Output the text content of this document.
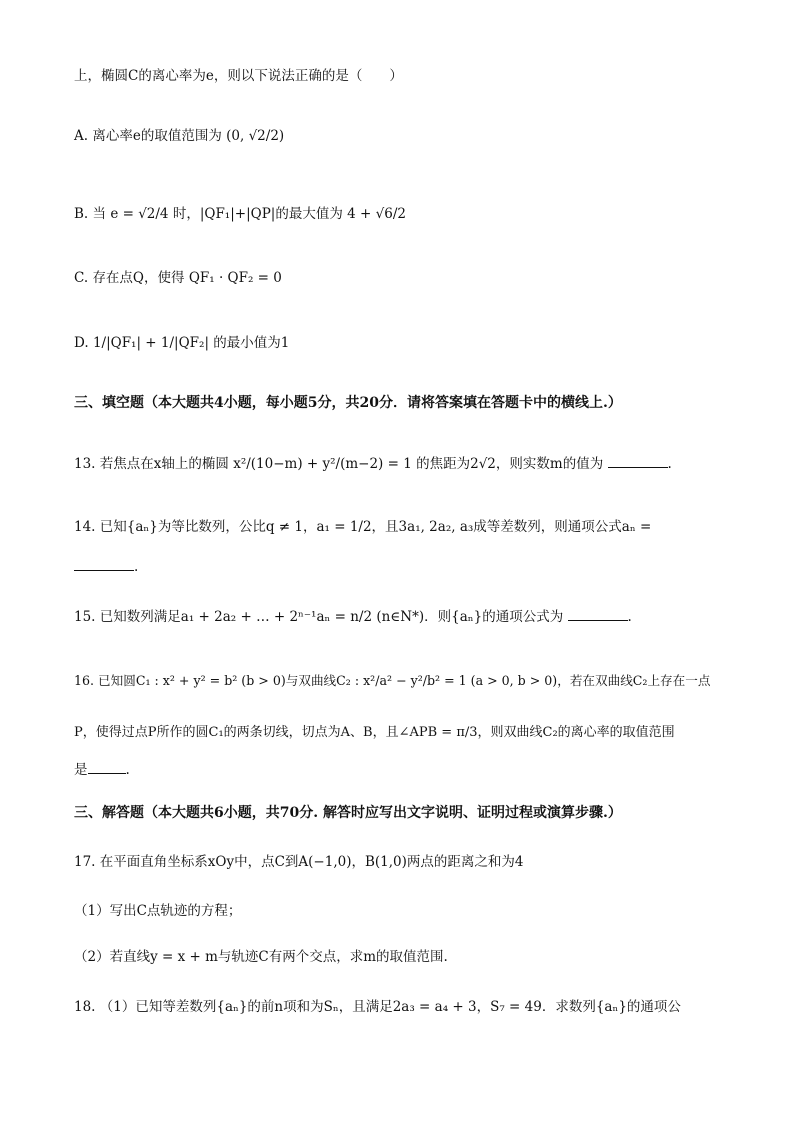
上，椭圆C的离心率为e，则以下说法正确的是（　　）
A. 离心率e的取值范围为 (0, √2/2)
B. 当 e = √2/4 时，|QF₁|+|QP|的最大值为 4 + √6/2
C. 存在点Q，使得 QF₁ · QF₂ = 0
D. 1/|QF₁| + 1/|QF₂| 的最小值为1
三、填空题（本大题共4小题，每小题5分，共20分．请将答案填在答题卡中的横线上.）
13. 若焦点在x轴上的椭圆 x²/(10−m) + y²/(m−2) = 1 的焦距为2√2，则实数m的值为	.
14. 已知{aₙ}为等比数列，公比q ≠ 1，a₁ = 1/2，且3a₁, 2a₂, a₃成等差数列，则通项公式aₙ =
.
15. 已知数列满足a₁ + 2a₂ + … + 2ⁿ⁻¹aₙ = n/2 (n∈N*)．则{aₙ}的通项公式为	.
16. 已知圆C₁ : x² + y² = b² (b > 0)与双曲线C₂ : x²/a² − y²/b² = 1 (a > 0, b > 0)，若在双曲线C₂上存在一点
P，使得过点P所作的圆C₁的两条切线，切点为A、B，且∠APB = π/3，则双曲线C₂的离心率的取值范围
是	.
三、解答题（本大题共6小题，共70分. 解答时应写出文字说明、证明过程或演算步骤.）
17. 在平面直角坐标系xOy中，点C到A(−1,0)，B(1,0)两点的距离之和为4
（1）写出C点轨迹的方程；
（2）若直线y = x + m与轨迹C有两个交点，求m的取值范围.
18. （1）已知等差数列{aₙ}的前n项和为Sₙ，且满足2a₃ = a₄ + 3，S₇ = 49．求数列{aₙ}的通项公
